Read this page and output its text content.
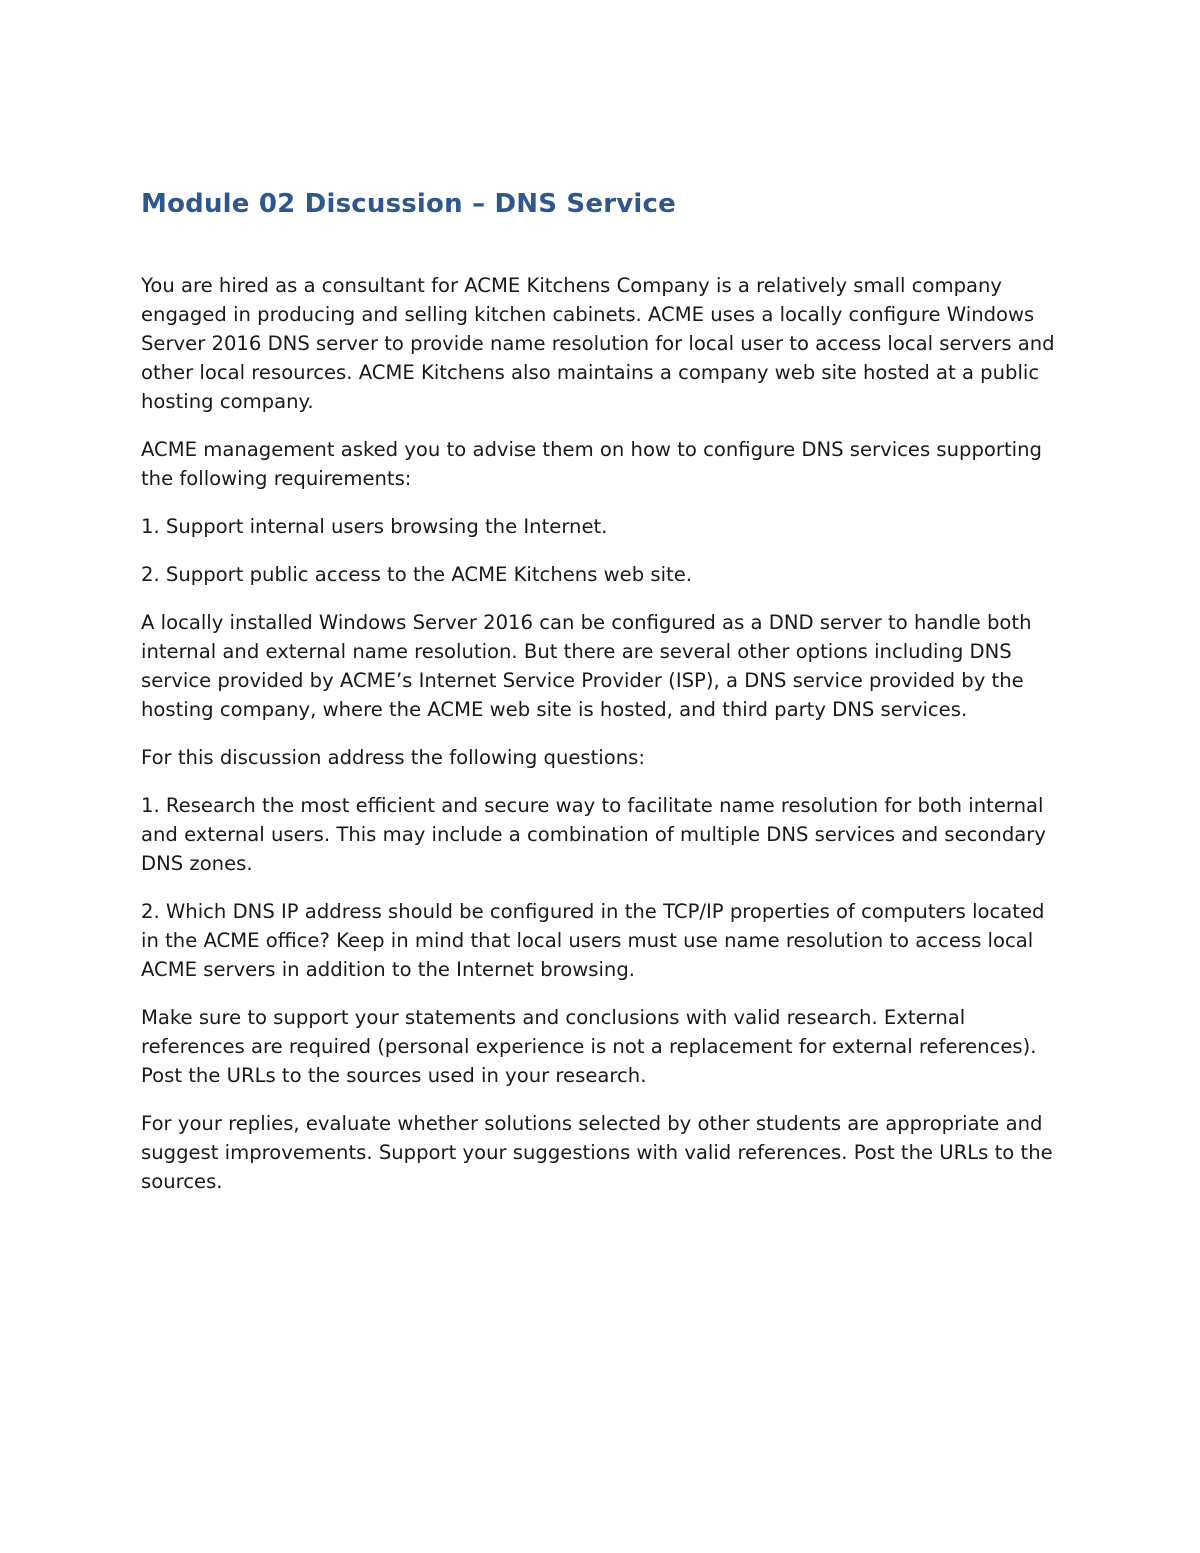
Module 02 Discussion – DNS Service

You are hired as a consultant for ACME Kitchens Company is a relatively small company engaged in producing and selling kitchen cabinets. ACME uses a locally configure Windows Server 2016 DNS server to provide name resolution for local user to access local servers and other local resources. ACME Kitchens also maintains a company web site hosted at a public hosting company.

ACME management asked you to advise them on how to configure DNS services supporting the following requirements:

1. Support internal users browsing the Internet.

2. Support public access to the ACME Kitchens web site.

A locally installed Windows Server 2016 can be configured as a DND server to handle both internal and external name resolution. But there are several other options including DNS service provided by ACME’s Internet Service Provider (ISP), a DNS service provided by the hosting company, where the ACME web site is hosted, and third party DNS services.

For this discussion address the following questions:

1. Research the most efficient and secure way to facilitate name resolution for both internal and external users. This may include a combination of multiple DNS services and secondary DNS zones.

2. Which DNS IP address should be configured in the TCP/IP properties of computers located in the ACME office? Keep in mind that local users must use name resolution to access local ACME servers in addition to the Internet browsing.

Make sure to support your statements and conclusions with valid research. External references are required (personal experience is not a replacement for external references). Post the URLs to the sources used in your research.

For your replies, evaluate whether solutions selected by other students are appropriate and suggest improvements. Support your suggestions with valid references. Post the URLs to the sources.
